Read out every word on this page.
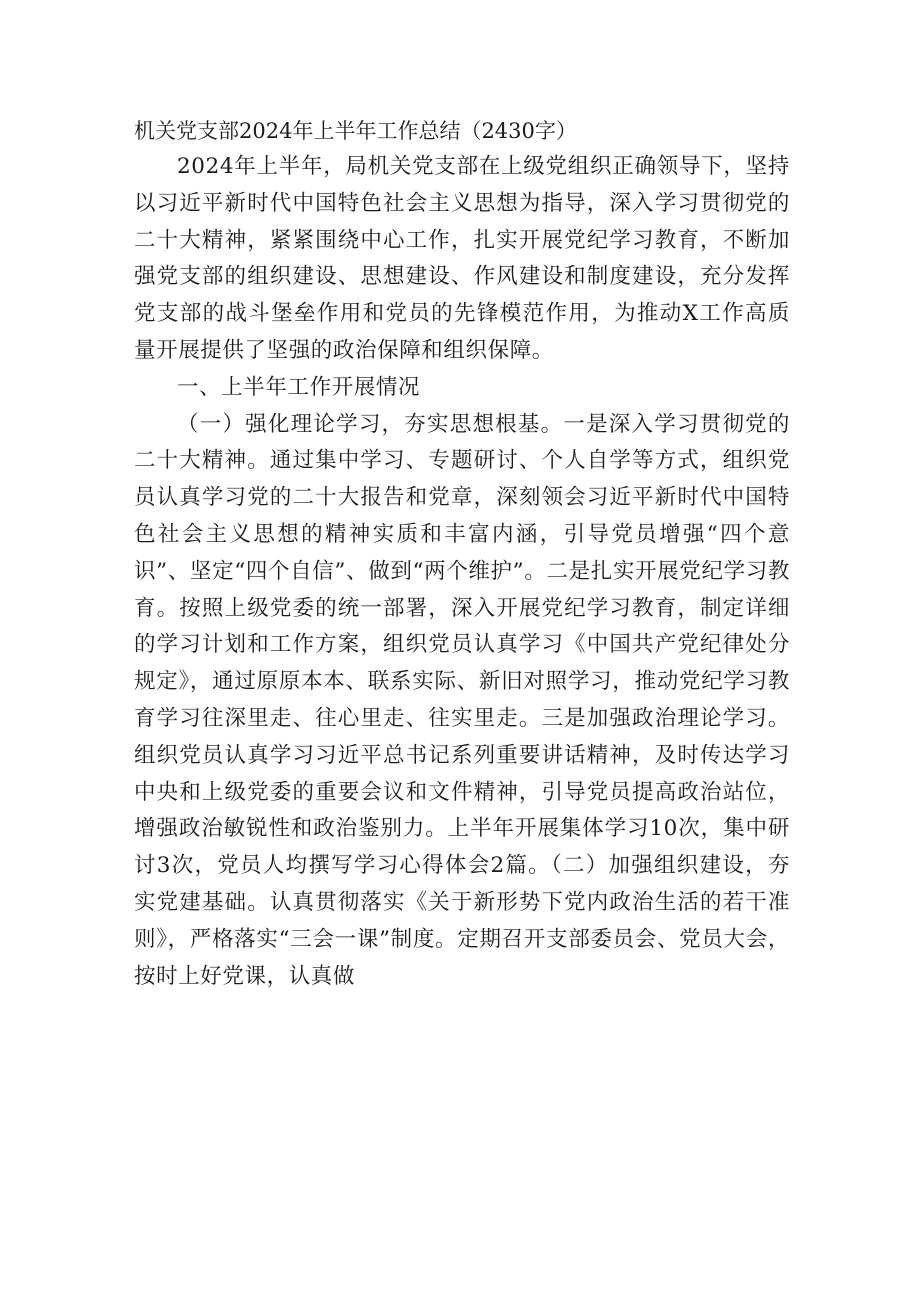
机关党支部2024年上半年工作总结（2430字）

2024年上半年，局机关党支部在上级党组织正确领导下，坚持以习近平新时代中国特色社会主义思想为指导，深入学习贯彻党的二十大精神，紧紧围绕中心工作，扎实开展党纪学习教育，不断加强党支部的组织建设、思想建设、作风建设和制度建设，充分发挥党支部的战斗堡垒作用和党员的先锋模范作用，为推动X工作高质量开展提供了坚强的政治保障和组织保障。

一、上半年工作开展情况

（一）强化理论学习，夯实思想根基。一是深入学习贯彻党的二十大精神。通过集中学习、专题研讨、个人自学等方式，组织党员认真学习党的二十大报告和党章，深刻领会习近平新时代中国特色社会主义思想的精神实质和丰富内涵，引导党员增强“四个意识”、坚定“四个自信”、做到“两个维护”。二是扎实开展党纪学习教育。按照上级党委的统一部署，深入开展党纪学习教育，制定详细的学习计划和工作方案，组织党员认真学习《中国共产党纪律处分规定》，通过原原本本、联系实际、新旧对照学习，推动党纪学习教育学习往深里走、往心里走、往实里走。三是加强政治理论学习。组织党员认真学习习近平总书记系列重要讲话精神，及时传达学习中央和上级党委的重要会议和文件精神，引导党员提高政治站位，增强政治敏锐性和政治鉴别力。上半年开展集体学习10次，集中研讨3次，党员人均撰写学习心得体会2篇。（二）加强组织建设，夯实党建基础。认真贯彻落实《关于新形势下党内政治生活的若干准则》，严格落实“三会一课”制度。定期召开支部委员会、党员大会，按时上好党课，认真做
